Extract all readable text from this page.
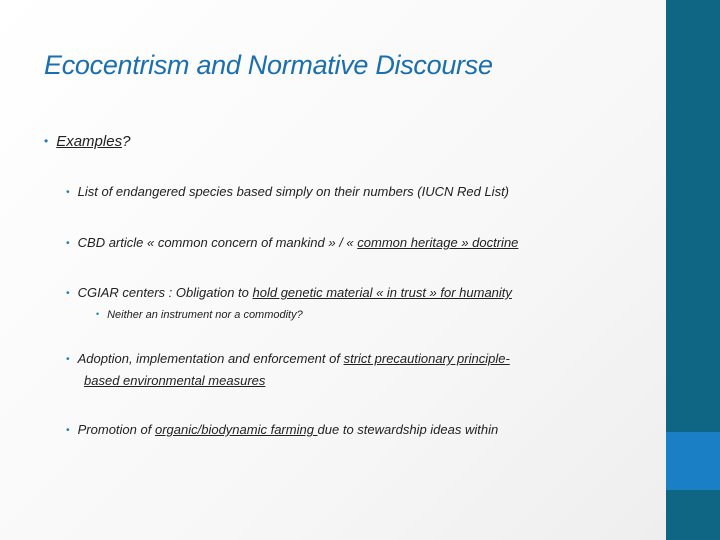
Ecocentrism and Normative Discourse

• Examples?

• List of endangered species based simply on their numbers (IUCN Red List)

• CBD article « common concern of mankind » / « common heritage » doctrine

• CGIAR centers : Obligation to hold genetic material « in trust » for humanity

• Neither an instrument nor a commodity?

• Adoption, implementation and enforcement of strict precautionary principle-

based environmental measures

• Promotion of organic/biodynamic farming due to stewardship ideas within
